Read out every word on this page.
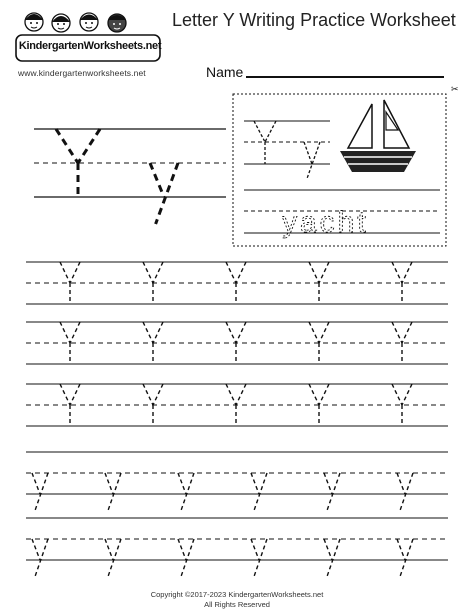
KindergartenWorksheets.net
www.kindergartenworksheets.net
Letter Y Writing Practice Worksheet
Name
✂
yacht
Copyright ©2017-2023 KindergartenWorksheets.net
All Rights Reserved
